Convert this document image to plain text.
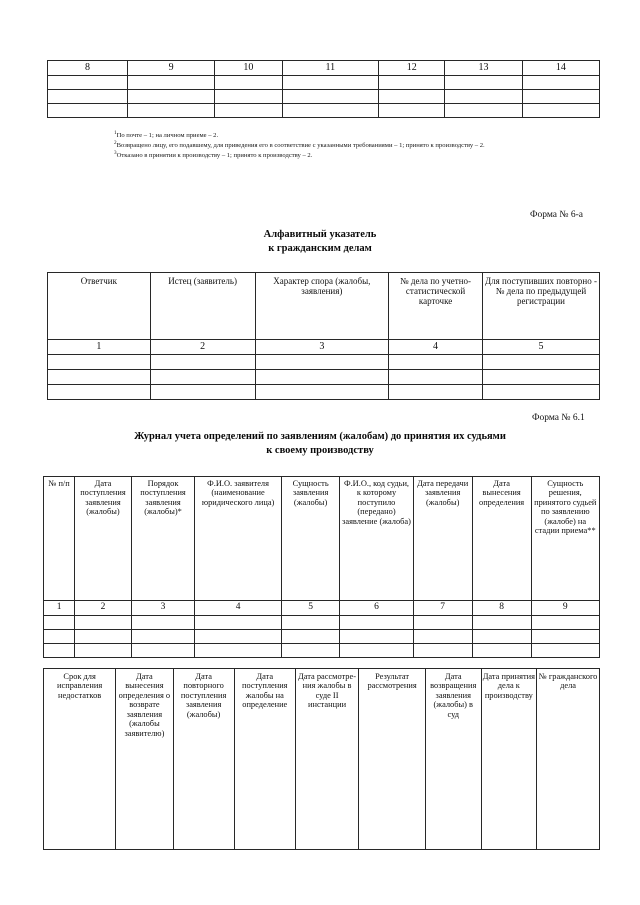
8	9	10	11	12	13	14

$^1$По почте – 1; на личном приеме – 2.

$^2$Возвращено лицу, его подавшему, для приведения его в соответствие с указанными требованиями – 1; принято к производству – 2.

$^3$Отказано в принятии к производству – 1; принято к производству – 2.

Форма № 6-а
Алфавитный указатель
к гражданским делам
Ответчик	Истец (заявитель)	Характер спора (жалобы, заявления)	№ дела по учетно-статистической карточке	Для поступивших повторно - № дела по предыдущей регистрации
1	2	3	4	5

Форма № 6.1
Журнал учета определений по заявлениям (жалобам) до принятия их судьями
к своему производству
№ п/п	Дата поступления заявления (жалобы)	Порядок поступления заявления (жалобы)*	Ф.И.О. заявителя (наименование юридического лица)	Сущность заявления (жалобы)	Ф.И.О., код судьи, к которому поступило (передано) заявление (жалоба)	Дата передачи заявления (жалобы)	Дата вынесения определения	Сущность решения, принятого судьей по заявлению (жалобе) на стадии приема**
1	2	3	4	5	6	7	8	9

Срок для исправления недостатков	Дата вынесения определения о возврате заявления (жалобы заявителю)	Дата повторного поступления заявления (жалобы)	Дата поступления жалобы на определение	Дата рассмотре-ния жалобы в суде II инстанции	Результат рассмотрения	Дата возвращения заявления (жалобы) в суд	Дата принятия дела к производству	№ гражданского дела
